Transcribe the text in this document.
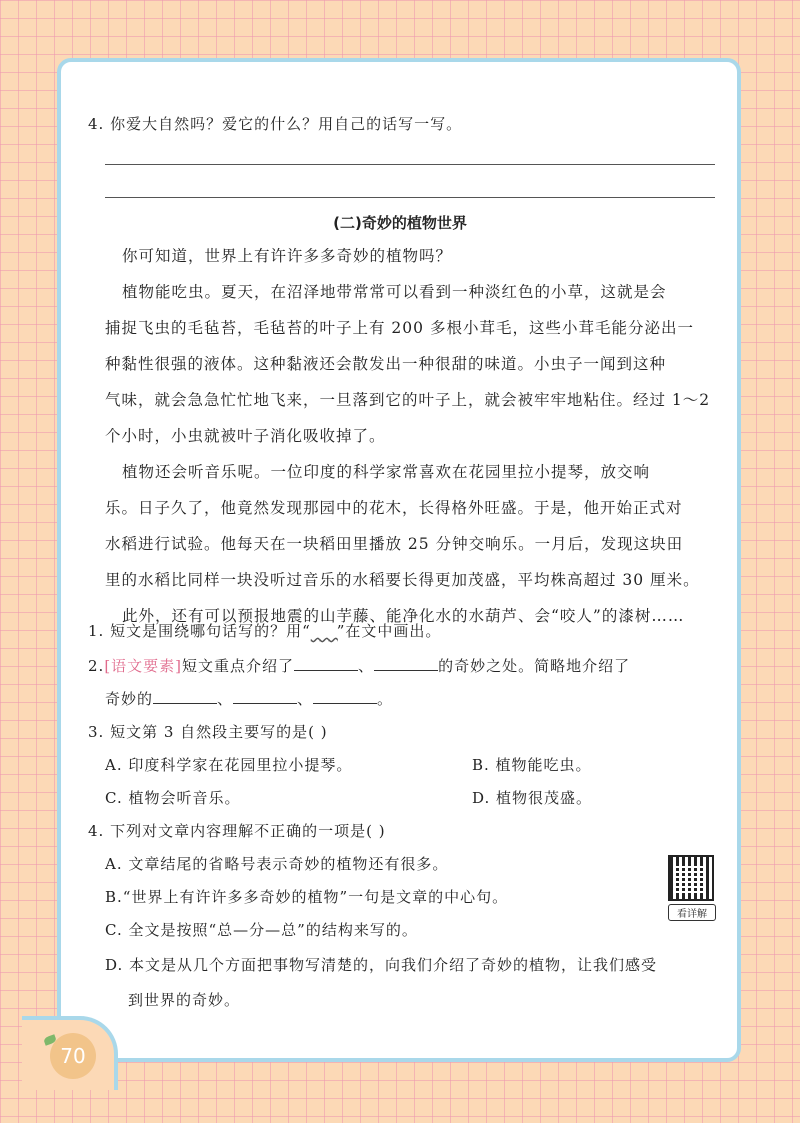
70
4. 你爱大自然吗？爱它的什么？用自己的话写一写。
(二)奇妙的植物世界
你可知道，世界上有许许多多奇妙的植物吗？
植物能吃虫。夏天，在沼泽地带常常可以看到一种淡红色的小草，这就是会
捕捉飞虫的毛毡苔，毛毡苔的叶子上有 200 多根小茸毛，这些小茸毛能分泌出一
种黏性很强的液体。这种黏液还会散发出一种很甜的味道。小虫子一闻到这种
气味，就会急急忙忙地飞来，一旦落到它的叶子上，就会被牢牢地粘住。经过 1～2
个小时，小虫就被叶子消化吸收掉了。
植物还会听音乐呢。一位印度的科学家常喜欢在花园里拉小提琴，放交响
乐。日子久了，他竟然发现那园中的花木，长得格外旺盛。于是，他开始正式对
水稻进行试验。他每天在一块稻田里播放 25 分钟交响乐。一月后，发现这块田
里的水稻比同样一块没听过音乐的水稻要长得更加茂盛，平均株高超过 30 厘米。
此外，还有可以预报地震的山芋藤、能净化水的水葫芦、会“咬人”的漆树……
1. 短文是围绕哪句话写的？用“ ”在文中画出。
2.[语文要素]短文重点介绍了	、	的奇妙之处。简略地介绍了
奇妙的	、	、	。
3. 短文第 3 自然段主要写的是( )
A. 印度科学家在花园里拉小提琴。	B. 植物能吃虫。
C. 植物会听音乐。	D. 植物很茂盛。
4. 下列对文章内容理解不正确的一项是( )
A. 文章结尾的省略号表示奇妙的植物还有很多。
B.“世界上有许许多多奇妙的植物”一句是文章的中心句。
C. 全文是按照“总—分—总”的结构来写的。
D. 本文是从几个方面把事物写清楚的，向我们介绍了奇妙的植物，让我们感受
到世界的奇妙。
看详解
